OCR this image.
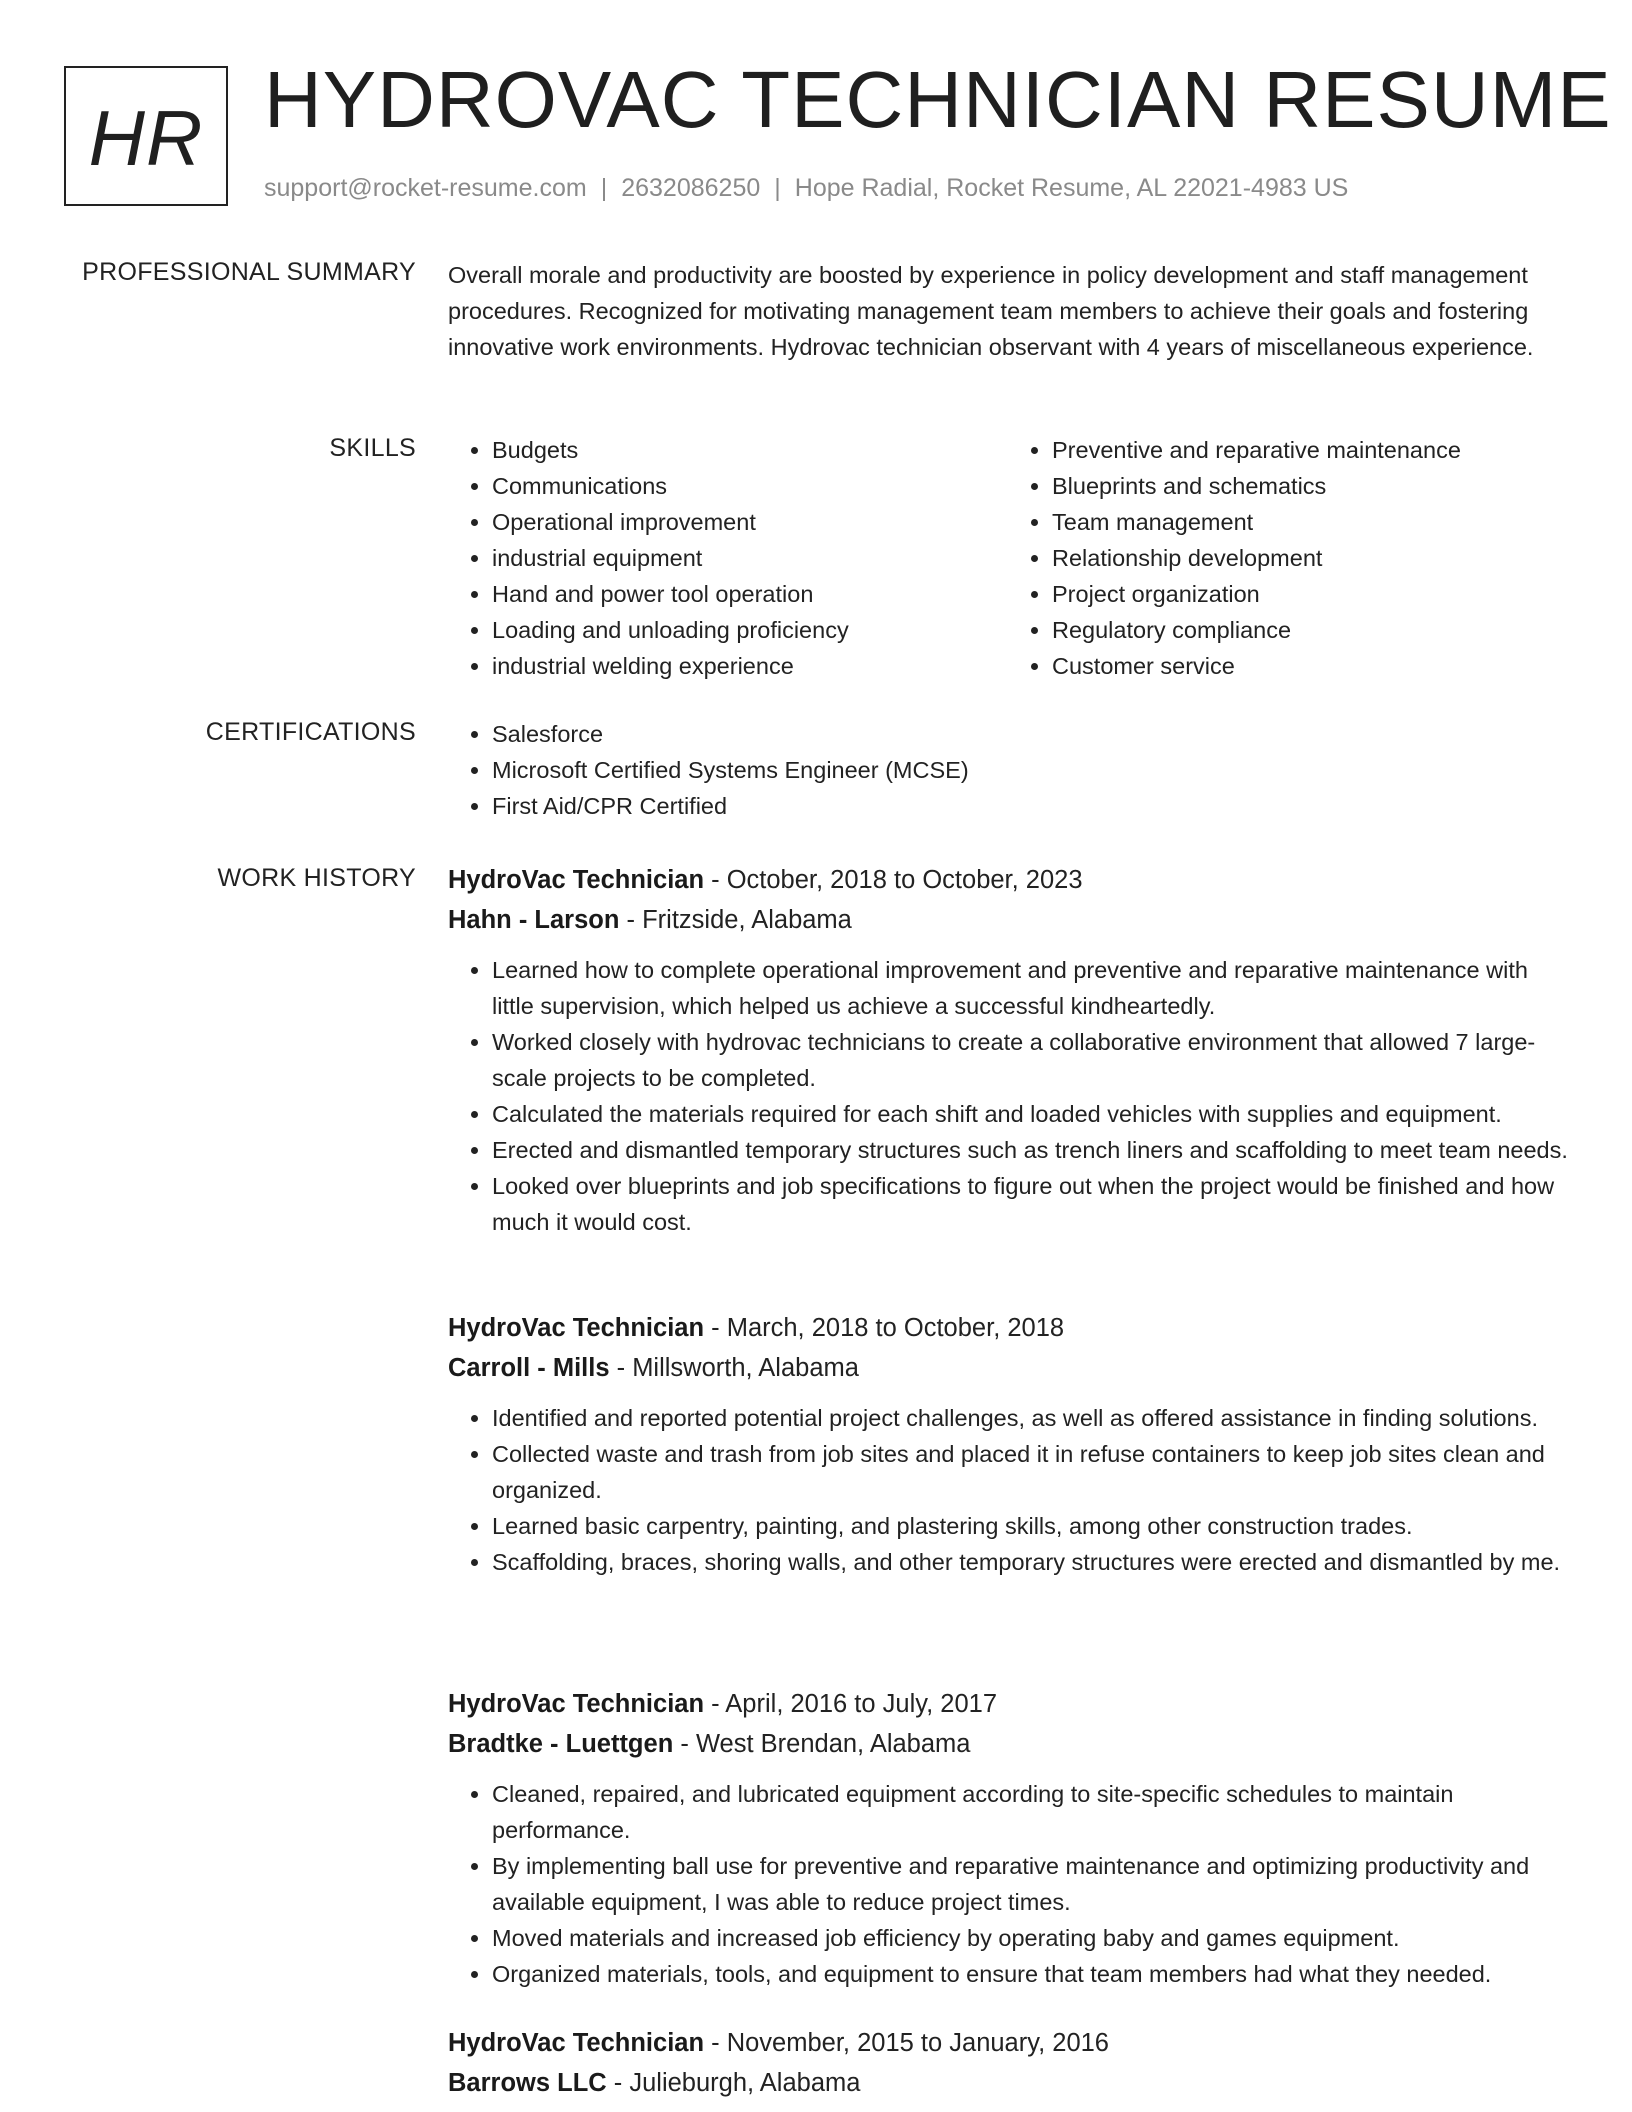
HR HYDROVAC TECHNICIAN RESUME
support@rocket-resume.com | 2632086250 | Hope Radial, Rocket Resume, AL 22021-4983 US
PROFESSIONAL SUMMARY Overall morale and productivity are boosted by experience in policy development and staff management procedures. Recognized for motivating management team members to achieve their goals and fostering innovative work environments. Hydrovac technician observant with 4 years of miscellaneous experience.

SKILLS	• Budgets
• Communications
• Operational improvement
• industrial equipment
• Hand and power tool operation
• Loading and unloading proficiency
• industrial welding experience
• Preventive and reparative maintenance
• Blueprints and schematics
• Team management
• Relationship development
• Project organization
• Regulatory compliance
• Customer service
CERTIFICATIONS	• Salesforce
• Microsoft Certified Systems Engineer (MCSE)
• First Aid/CPR Certified
WORK HISTORY HydroVac Technician - October, 2018 to October, 2023
Hahn - Larson - Fritzside, Alabama
• Learned how to complete operational improvement and preventive and reparative maintenance with little supervision, which helped us achieve a successful kindheartedly.
• Worked closely with hydrovac technicians to create a collaborative environment that allowed 7 large-scale projects to be completed.
• Calculated the materials required for each shift and loaded vehicles with supplies and equipment.
• Erected and dismantled temporary structures such as trench liners and scaffolding to meet team needs.
• Looked over blueprints and job specifications to figure out when the project would be finished and how much it would cost.
HydroVac Technician - March, 2018 to October, 2018
Carroll - Mills - Millsworth, Alabama
• Identified and reported potential project challenges, as well as offered assistance in finding solutions.
• Collected waste and trash from job sites and placed it in refuse containers to keep job sites clean and organized.
• Learned basic carpentry, painting, and plastering skills, among other construction trades.
• Scaffolding, braces, shoring walls, and other temporary structures were erected and dismantled by me.
HydroVac Technician - April, 2016 to July, 2017
Bradtke - Luettgen - West Brendan, Alabama
• Cleaned, repaired, and lubricated equipment according to site-specific schedules to maintain performance.
• By implementing ball use for preventive and reparative maintenance and optimizing productivity and available equipment, I was able to reduce project times.
• Moved materials and increased job efficiency by operating baby and games equipment.
• Organized materials, tools, and equipment to ensure that team members had what they needed.
HydroVac Technician - November, 2015 to January, 2016
Barrows LLC - Julieburgh, Alabama
